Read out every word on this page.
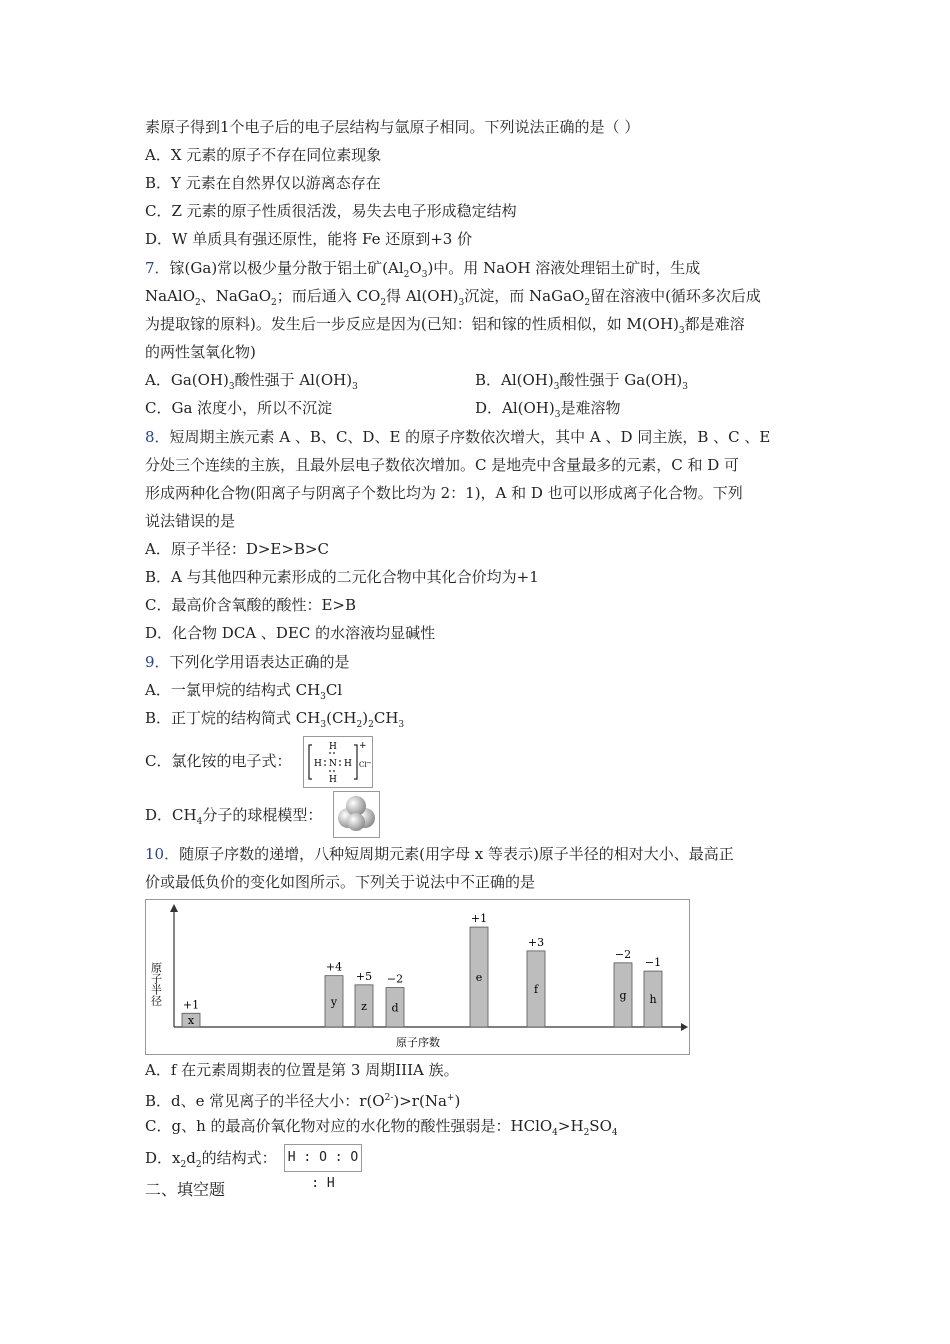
素原子得到1个电子后的电子层结构与氩原子相同。下列说法正确的是（ ）
A．X 元素的原子不存在同位素现象
B．Y 元素在自然界仅以游离态存在
C．Z 元素的原子性质很活泼，易失去电子形成稳定结构
D．W 单质具有强还原性，能将 Fe 还原到+3 价
7．镓(Ga)常以极少量分散于铝土矿$(Al_2O_3)$中。用 NaOH 溶液处理铝土矿时，生成
NaAlO$_2$、NaGaO$_2$；而后通入 $CO_2$得 $Al(OH)_3$沉淀，而 NaGaO$_2$留在溶液中(循环多次后成
为提取镓的原料)。发生后一步反应是因为(已知：铝和镓的性质相似，如 $M(OH)_3$都是难溶
的两性氢氧化物)
A．$Ga(OH)_3$酸性强于 $Al(OH)_3$	B．$Al(OH)_3$酸性强于 $Ga(OH)_3$
C．Ga 浓度小，所以不沉淀	D．$Al(OH)_3$是难溶物
8．短周期主族元素 A 、B、C、D、E 的原子序数依次增大，其中 A 、D 同主族，B 、C 、E
分处三个连续的主族，且最外层电子数依次增加。C 是地壳中含量最多的元素，C 和 D 可
形成两种化合物(阳离子与阴离子个数比均为 2：1)，A 和 D 也可以形成离子化合物。下列
说法错误的是
A．原子半径：D>E>B>C
B．A 与其他四种元素形成的二元化合物中其化合价均为+1
C．最高价含氧酸的酸性：E>B
D．化合物 DCA 、DEC 的水溶液均显碱性
9．下列化学用语表达正确的是
A．一氯甲烷的结构式 $CH_3Cl$
B．正丁烷的结构简式 $CH_3(CH_2)_2CH_3$
C．氯化铵的电子式：
H
H N H
H
+
Cl −
D．$CH_4$分子的球棍模型：
10．随原子序数的递增，八种短周期元素(用字母 x 等表示)原子半径的相对大小、最高正
价或最低负价的变化如图所示。下列关于说法中不正确的是
原子半径
原子序数
x
+1	y
+4
z
+5
d
−2	e
+1
f
+3
g
−2
h
−1
A．f 在元素周期表的位置是第 3 周期IIIA 族。
B．d、e 常见离子的半径大小：$r(O^{2-})>r(Na^+)$
C．g、h 的最高价氧化物对应的水化物的酸性强弱是：$HClO_4>H_2SO_4$
D．$x_2d_2$的结构式： H : O : O : H
二、填空题
